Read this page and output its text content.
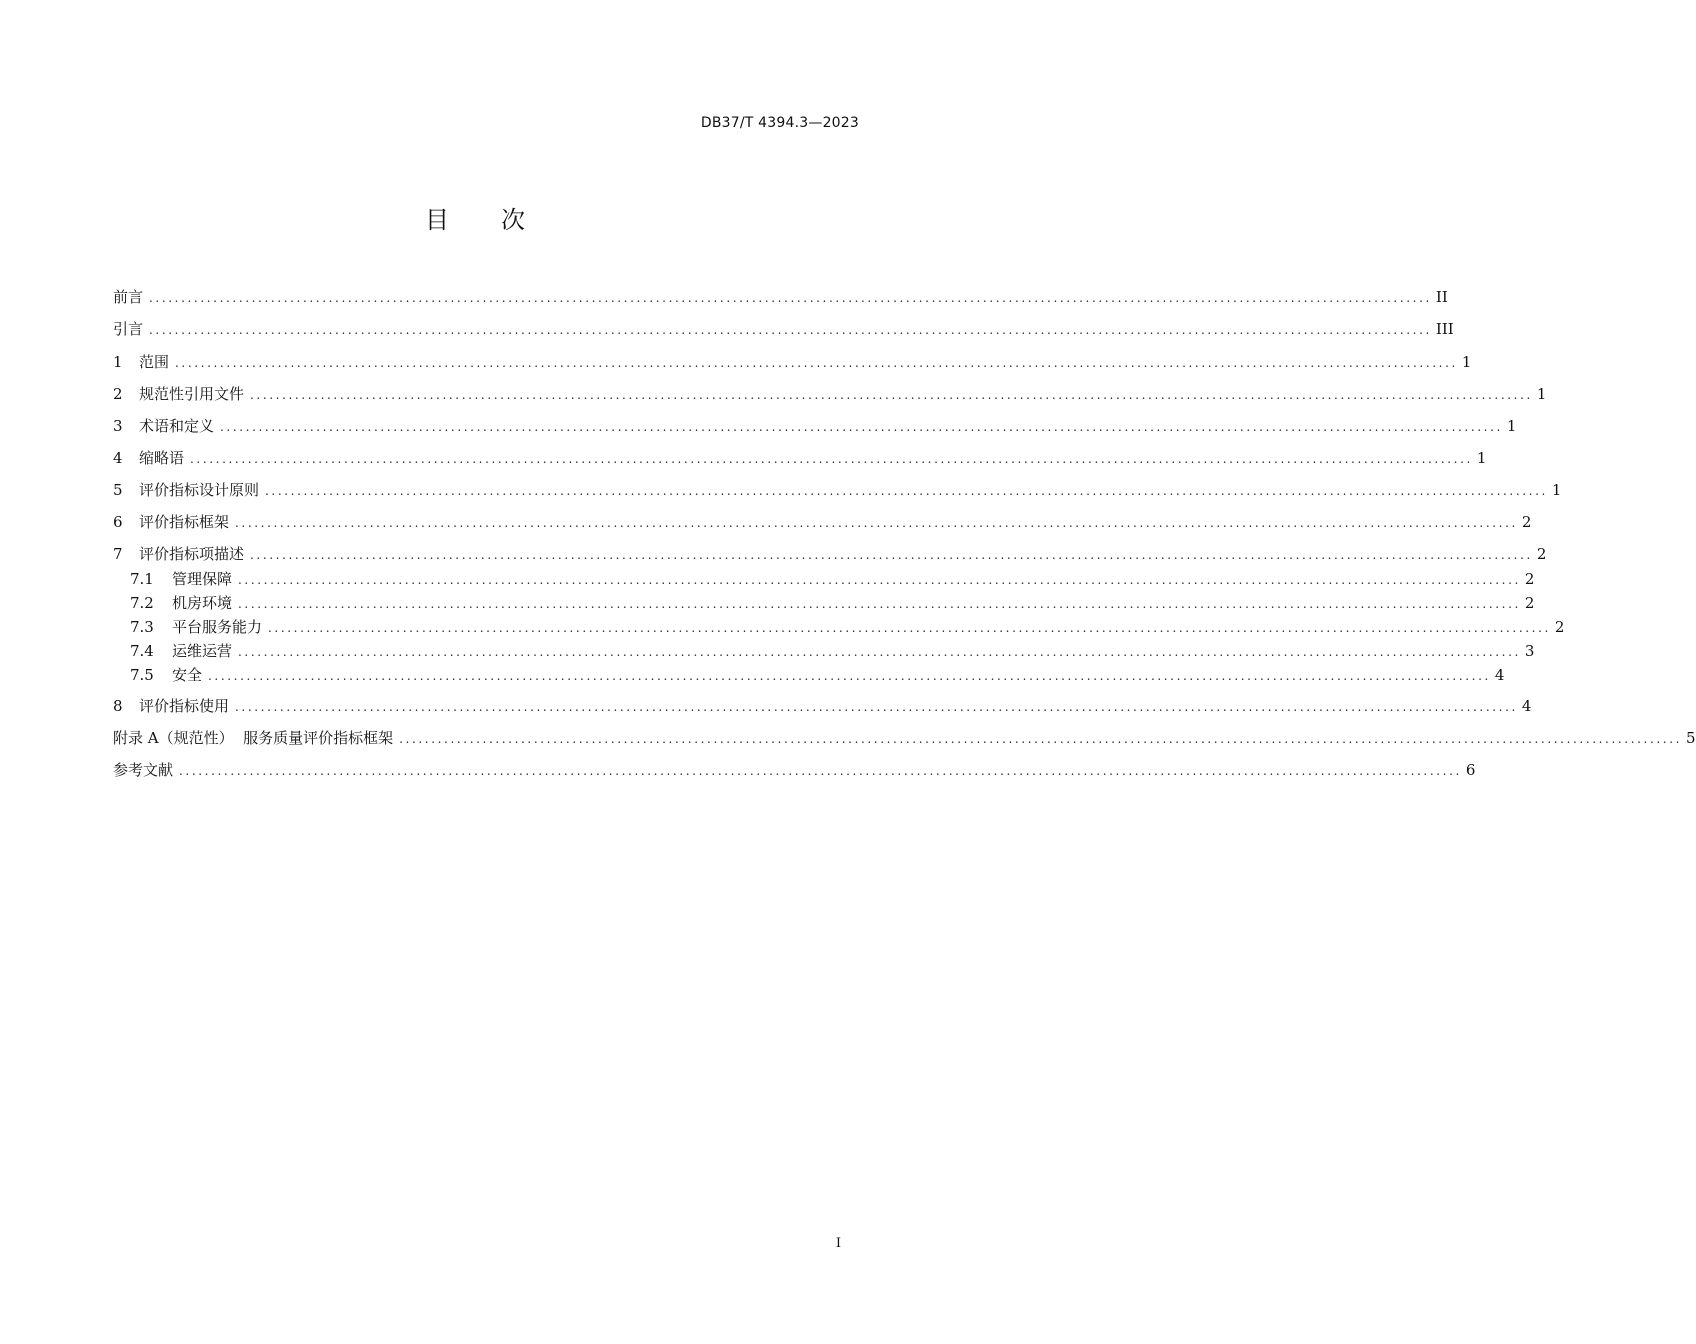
DB37/T 4394.3—2023
目 次
前言 ........................................................................................................................................................................................................ II
引言 ........................................................................................................................................................................................................ III
1 范围 ........................................................................................................................................................................................................ 1
2 规范性引用文件 ........................................................................................................................................................................................................ 1
3 术语和定义 ........................................................................................................................................................................................................ 1
4 缩略语 ........................................................................................................................................................................................................ 1
5 评价指标设计原则 ........................................................................................................................................................................................................ 1
6 评价指标框架 ........................................................................................................................................................................................................ 2
7 评价指标项描述 ........................................................................................................................................................................................................ 2
7.1 管理保障 ........................................................................................................................................................................................................ 2
7.2 机房环境 ........................................................................................................................................................................................................ 2
7.3 平台服务能力 ........................................................................................................................................................................................................ 2
7.4 运维运营 ........................................................................................................................................................................................................ 3
7.5 安全 ........................................................................................................................................................................................................ 4
8 评价指标使用 ........................................................................................................................................................................................................ 4
附录 A（规范性）  服务质量评价指标框架 ........................................................................................................................................................................................................ 5
参考文献 ........................................................................................................................................................................................................ 6
I
